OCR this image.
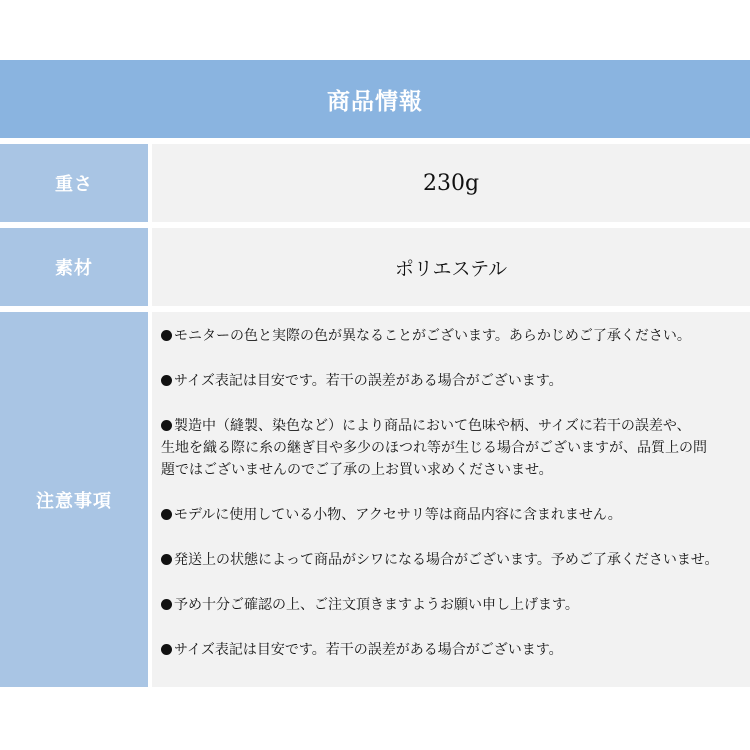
商品情報
重さ	230g
素材	ポリエステル
注意事項

モニターの色と実際の色が異なることがございます。あらかじめご了承ください。

サイズ表記は目安です。若干の誤差がある場合がございます。

製造中（縫製、染色など）により商品において色味や柄、サイズに若干の誤差や、
生地を織る際に糸の継ぎ目や多少のほつれ等が生じる場合がございますが、品質上の問
題ではございませんのでご了承の上お買い求めくださいませ。

モデルに使用している小物、アクセサリ等は商品内容に含まれません。

発送上の状態によって商品がシワになる場合がございます。予めご了承くださいませ。

予め十分ご確認の上、ご注文頂きますようお願い申し上げます。

サイズ表記は目安です。若干の誤差がある場合がございます。
